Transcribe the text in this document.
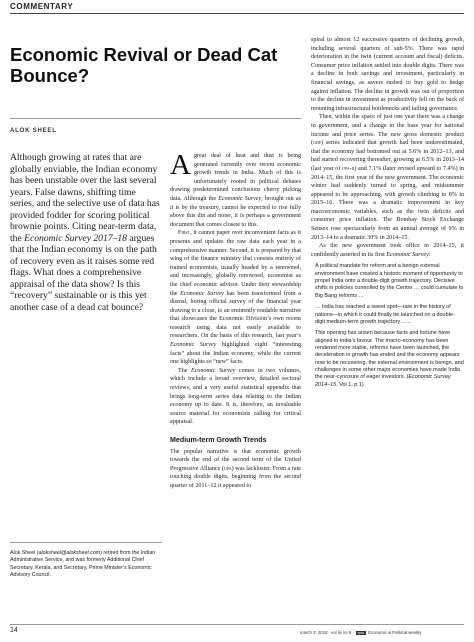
COMMENTARY
Economic Revival or Dead Cat Bounce?
ALOK SHEEL

Although growing at rates that are globally enviable, the Indian economy has been unstable over the last several years. False dawns, shifting time series, and the selective use of data has provided fodder for scoring political brownie points. Citing near-term data, the Economic Survey 2017–18 argues that the Indian economy is on the path of recovery even as it raises some red flags. What does a comprehensive appraisal of the data show? Is this “recovery” sustainable or is this yet another case of a dead cat bounce?

Alok Sheel (aloksheel@aloksheel.com) retired from the Indian Administrative Service, and was formerly Additional Chief Secretary, Kerala, and Secretary, Prime Minister’s Economic Advisory Council.

Agreat deal of heat and dust is being generated currently over recent economic growth trends in India. Much of this is unfortunately rooted in political debates drawing predetermined conclusions cherry picking data. Although the Economic Survey, brought out as it is by the treasury, cannot be expected to rise fully above this din and noise, it is perhaps a government document that comes closest to this.

First, it cannot paper over inconvenient facts as it presents and updates the raw data each year in a comprehensive manner. Second, it is prepared by that wing of the finance ministry that consists entirely of trained economists, usually headed by a renowned, and increasingly, globally renowned, economist as the chief economic advisor. Under their stewardship the Economic Survey has been transformed from a dismal, boring official survey of the financial year drawing to a close, to an eminently readable narrative that showcases the Economic Division’s own recent research using data not easily available to researchers. On the basis of this research, last year’s Economic Survey highlighted eight “interesting facts” about the Indian economy, while the current one highlights so “new” facts.

The Economic Survey comes in two volumes, which include a broad overview, detailed sectoral reviews, and a very useful statistical appendix that brings long-term series data relating to the Indian economy up to date. It is, therefore, an invaluable source material for economists calling for critical appraisal.

Medium-term Growth Trends

The popular narrative is that economic growth towards the end of the second term of the United Progressive Alliance (upa) was lackluster. From a rate touching double digits, beginning from the second quarter of 2011–12 it appeared to

spiral to almost 12 successive quarters of declining growth, including several quarters of sub-5%. There was rapid deterioration in the twin (current account and fiscal) deficits. Consumer price inflation settled into double digits. There was a decline in both savings and investment, particularly in financial savings, as savers rushed to buy gold to hedge against inflation. The decline in growth was out of proportion to the decline in investment as productivity fell on the back of mounting infrastructural bottlenecks and failing governance.

Then, within the space of just one year there was a change in government, and a change in the base year for national income and price series. The new gross domestic product (gdp) series indicated that growth had been underestimated, that the economy had bottomed out at 5.6% in 2012–13, and had started recovering thereafter, growing at 6.5% in 2013–14 (last year of upa-ii) and 7.1% (later revised upward to 7.4%) in 2014–15, the first year of the new government. The economic winter had suddenly turned to spring, and midsummer appeared to be approaching, with growth climbing to 8% in 2015–16. There was a dramatic improvement in key macroeconomic variables, such as the twin deficits and consumer price inflation. The Bombay Stock Exchange Sensex rose spectacularly from an annual average of 9% in 2013–14 to a dramatic 30% in 2014–15.

As the new government took office in 2014–15, it confidently asserted in its first Economic Survey:

A political mandate for reform and a benign external environment have created a historic moment of opportunity to propel India onto a double-digit growth trajectory. Decisive shifts in policies controlled by the Centre … could cumulate to Big Bang reforms …

… India has reached a sweet spot—rare in the history of nations—in which it could finally be launched on a double-digit medium-term growth trajectory……

This opening has arisen because facts and fortune have aligned in India’s favour. The macro-economy has been rendered more stable, reforms have been launched, the deceleration in growth has ended and the economy appears now to be recovering, the external environment is benign, and challenges in some other major economies have made India the near-cynosure of eager investors. (Economic Survey 2014–15, Vol 1, p 1)

14	march 3, 2018 vol liii no 9 epw Economic & Political weekly
